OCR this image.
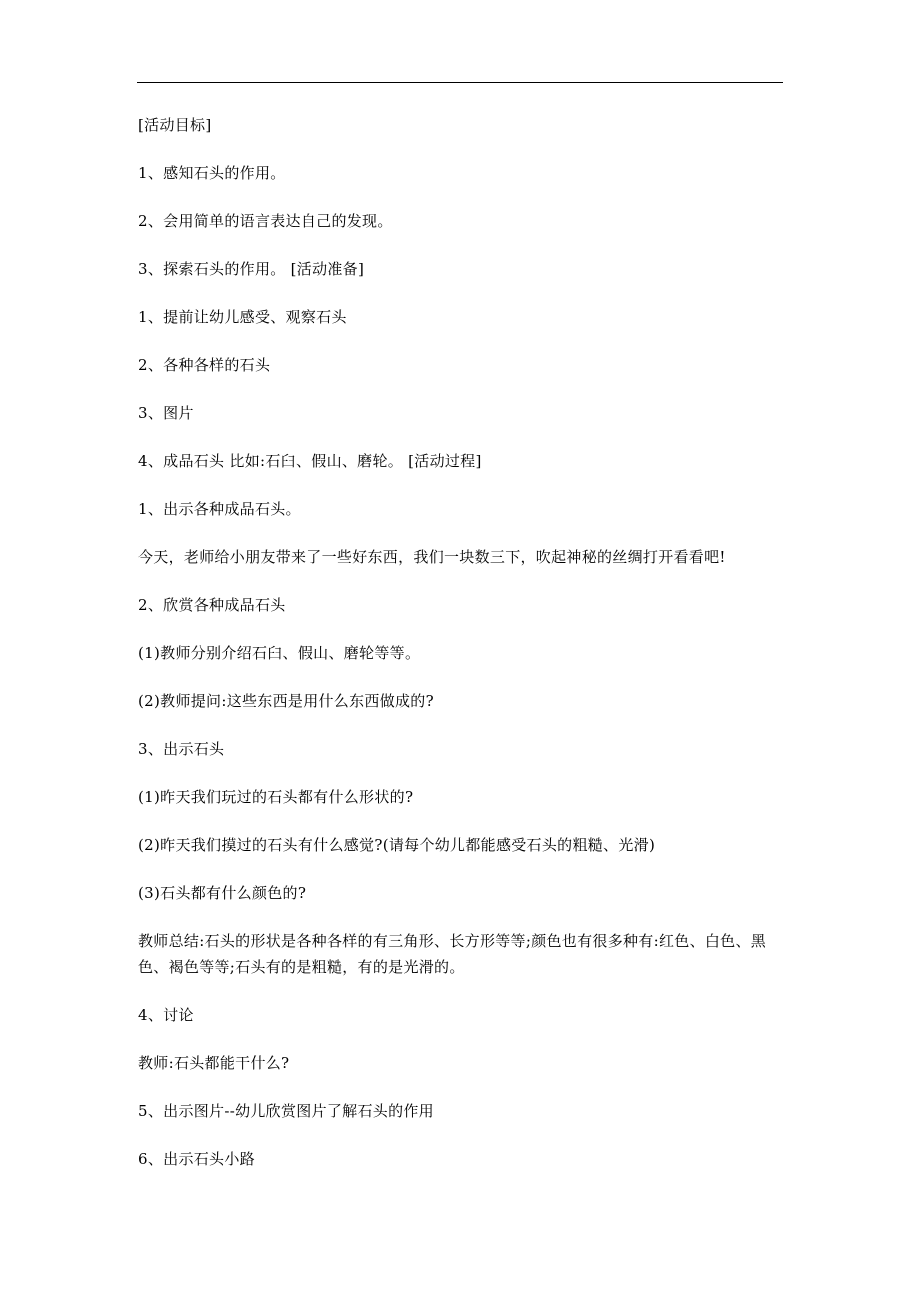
[活动目标]
1、感知石头的作用。
2、会用简单的语言表达自己的发现。
3、探索石头的作用。 [活动准备]
1、提前让幼儿感受、观察石头
2、各种各样的石头
3、图片
4、成品石头 比如:石臼、假山、磨轮。 [活动过程]
1、出示各种成品石头。
今天，老师给小朋友带来了一些好东西，我们一块数三下，吹起神秘的丝绸打开看看吧!
2、欣赏各种成品石头
(1)教师分别介绍石臼、假山、磨轮等等。
(2)教师提问:这些东西是用什么东西做成的?
3、出示石头
(1)昨天我们玩过的石头都有什么形状的?
(2)昨天我们摸过的石头有什么感觉?(请每个幼儿都能感受石头的粗糙、光滑)
(3)石头都有什么颜色的?
教师总结:石头的形状是各种各样的有三角形、长方形等等;颜色也有很多种有:红色、白色、黑色、褐色等等;石头有的是粗糙，有的是光滑的。
4、讨论
教师:石头都能干什么?
5、出示图片--幼儿欣赏图片了解石头的作用
6、出示石头小路
